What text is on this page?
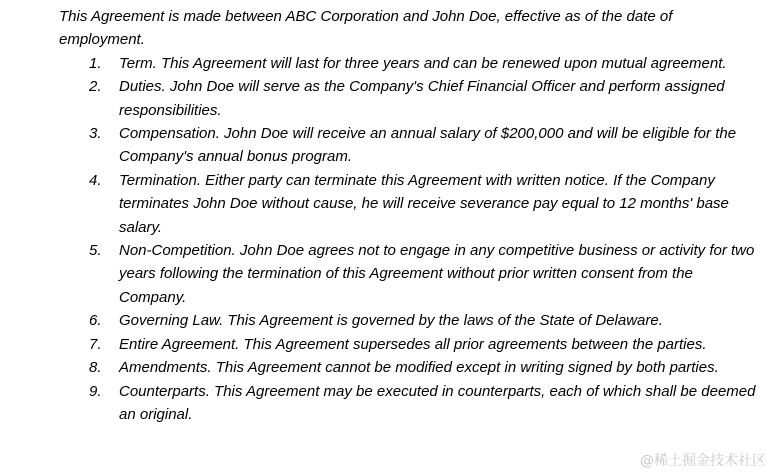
This Agreement is made between ABC Corporation and John Doe, effective as of the date of employment.

1.	Term. This Agreement will last for three years and can be renewed upon mutual agreement.
2.	Duties. John Doe will serve as the Company's Chief Financial Officer and perform assigned responsibilities.
3.	Compensation. John Doe will receive an annual salary of $200,000 and will be eligible for the Company's annual bonus program.
4.	Termination. Either party can terminate this Agreement with written notice. If the Company terminates John Doe without cause, he will receive severance pay equal to 12 months' base salary.
5.	Non-Competition. John Doe agrees not to engage in any competitive business or activity for two years following the termination of this Agreement without prior written consent from the Company.
6.	Governing Law. This Agreement is governed by the laws of the State of Delaware.
7.	Entire Agreement. This Agreement supersedes all prior agreements between the parties.
8.	Amendments. This Agreement cannot be modified except in writing signed by both parties.
9.	Counterparts. This Agreement may be executed in counterparts, each of which shall be deemed an original.
@稀土掘金技术社区
